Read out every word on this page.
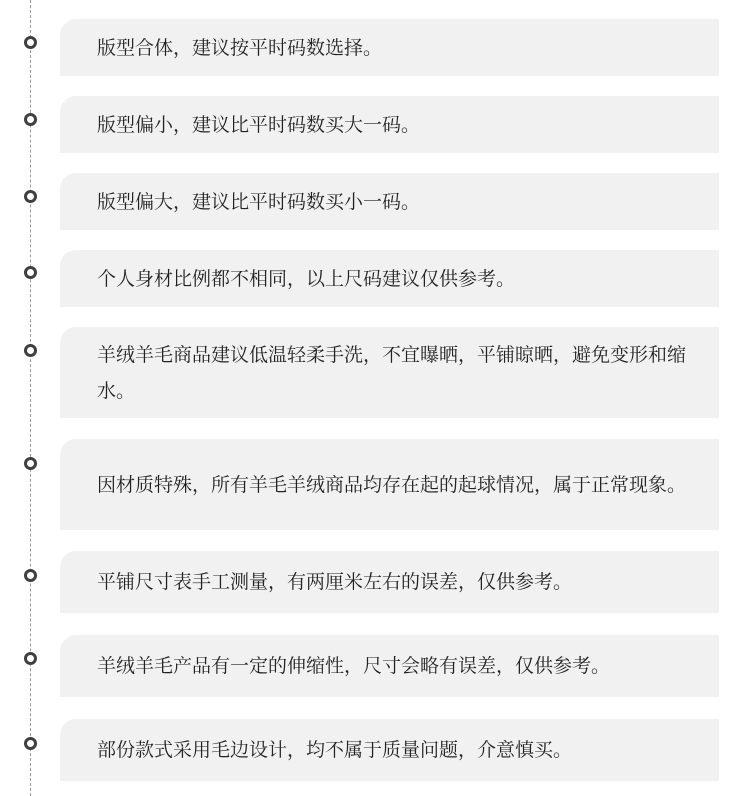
版型合体，建议按平时码数选择。

版型偏小，建议比平时码数买大一码。

版型偏大，建议比平时码数买小一码。

个人身材比例都不相同，以上尺码建议仅供参考。

羊绒羊毛商品建议低温轻柔手洗，不宜曝晒，平铺晾晒，避免变形和缩水。

因材质特殊，所有羊毛羊绒商品均存在起的起球情况，属于正常现象。

平铺尺寸表手工测量，有两厘米左右的误差，仅供参考。

羊绒羊毛产品有一定的伸缩性，尺寸会略有误差，仅供参考。

部份款式采用毛边设计，均不属于质量问题，介意慎买。
